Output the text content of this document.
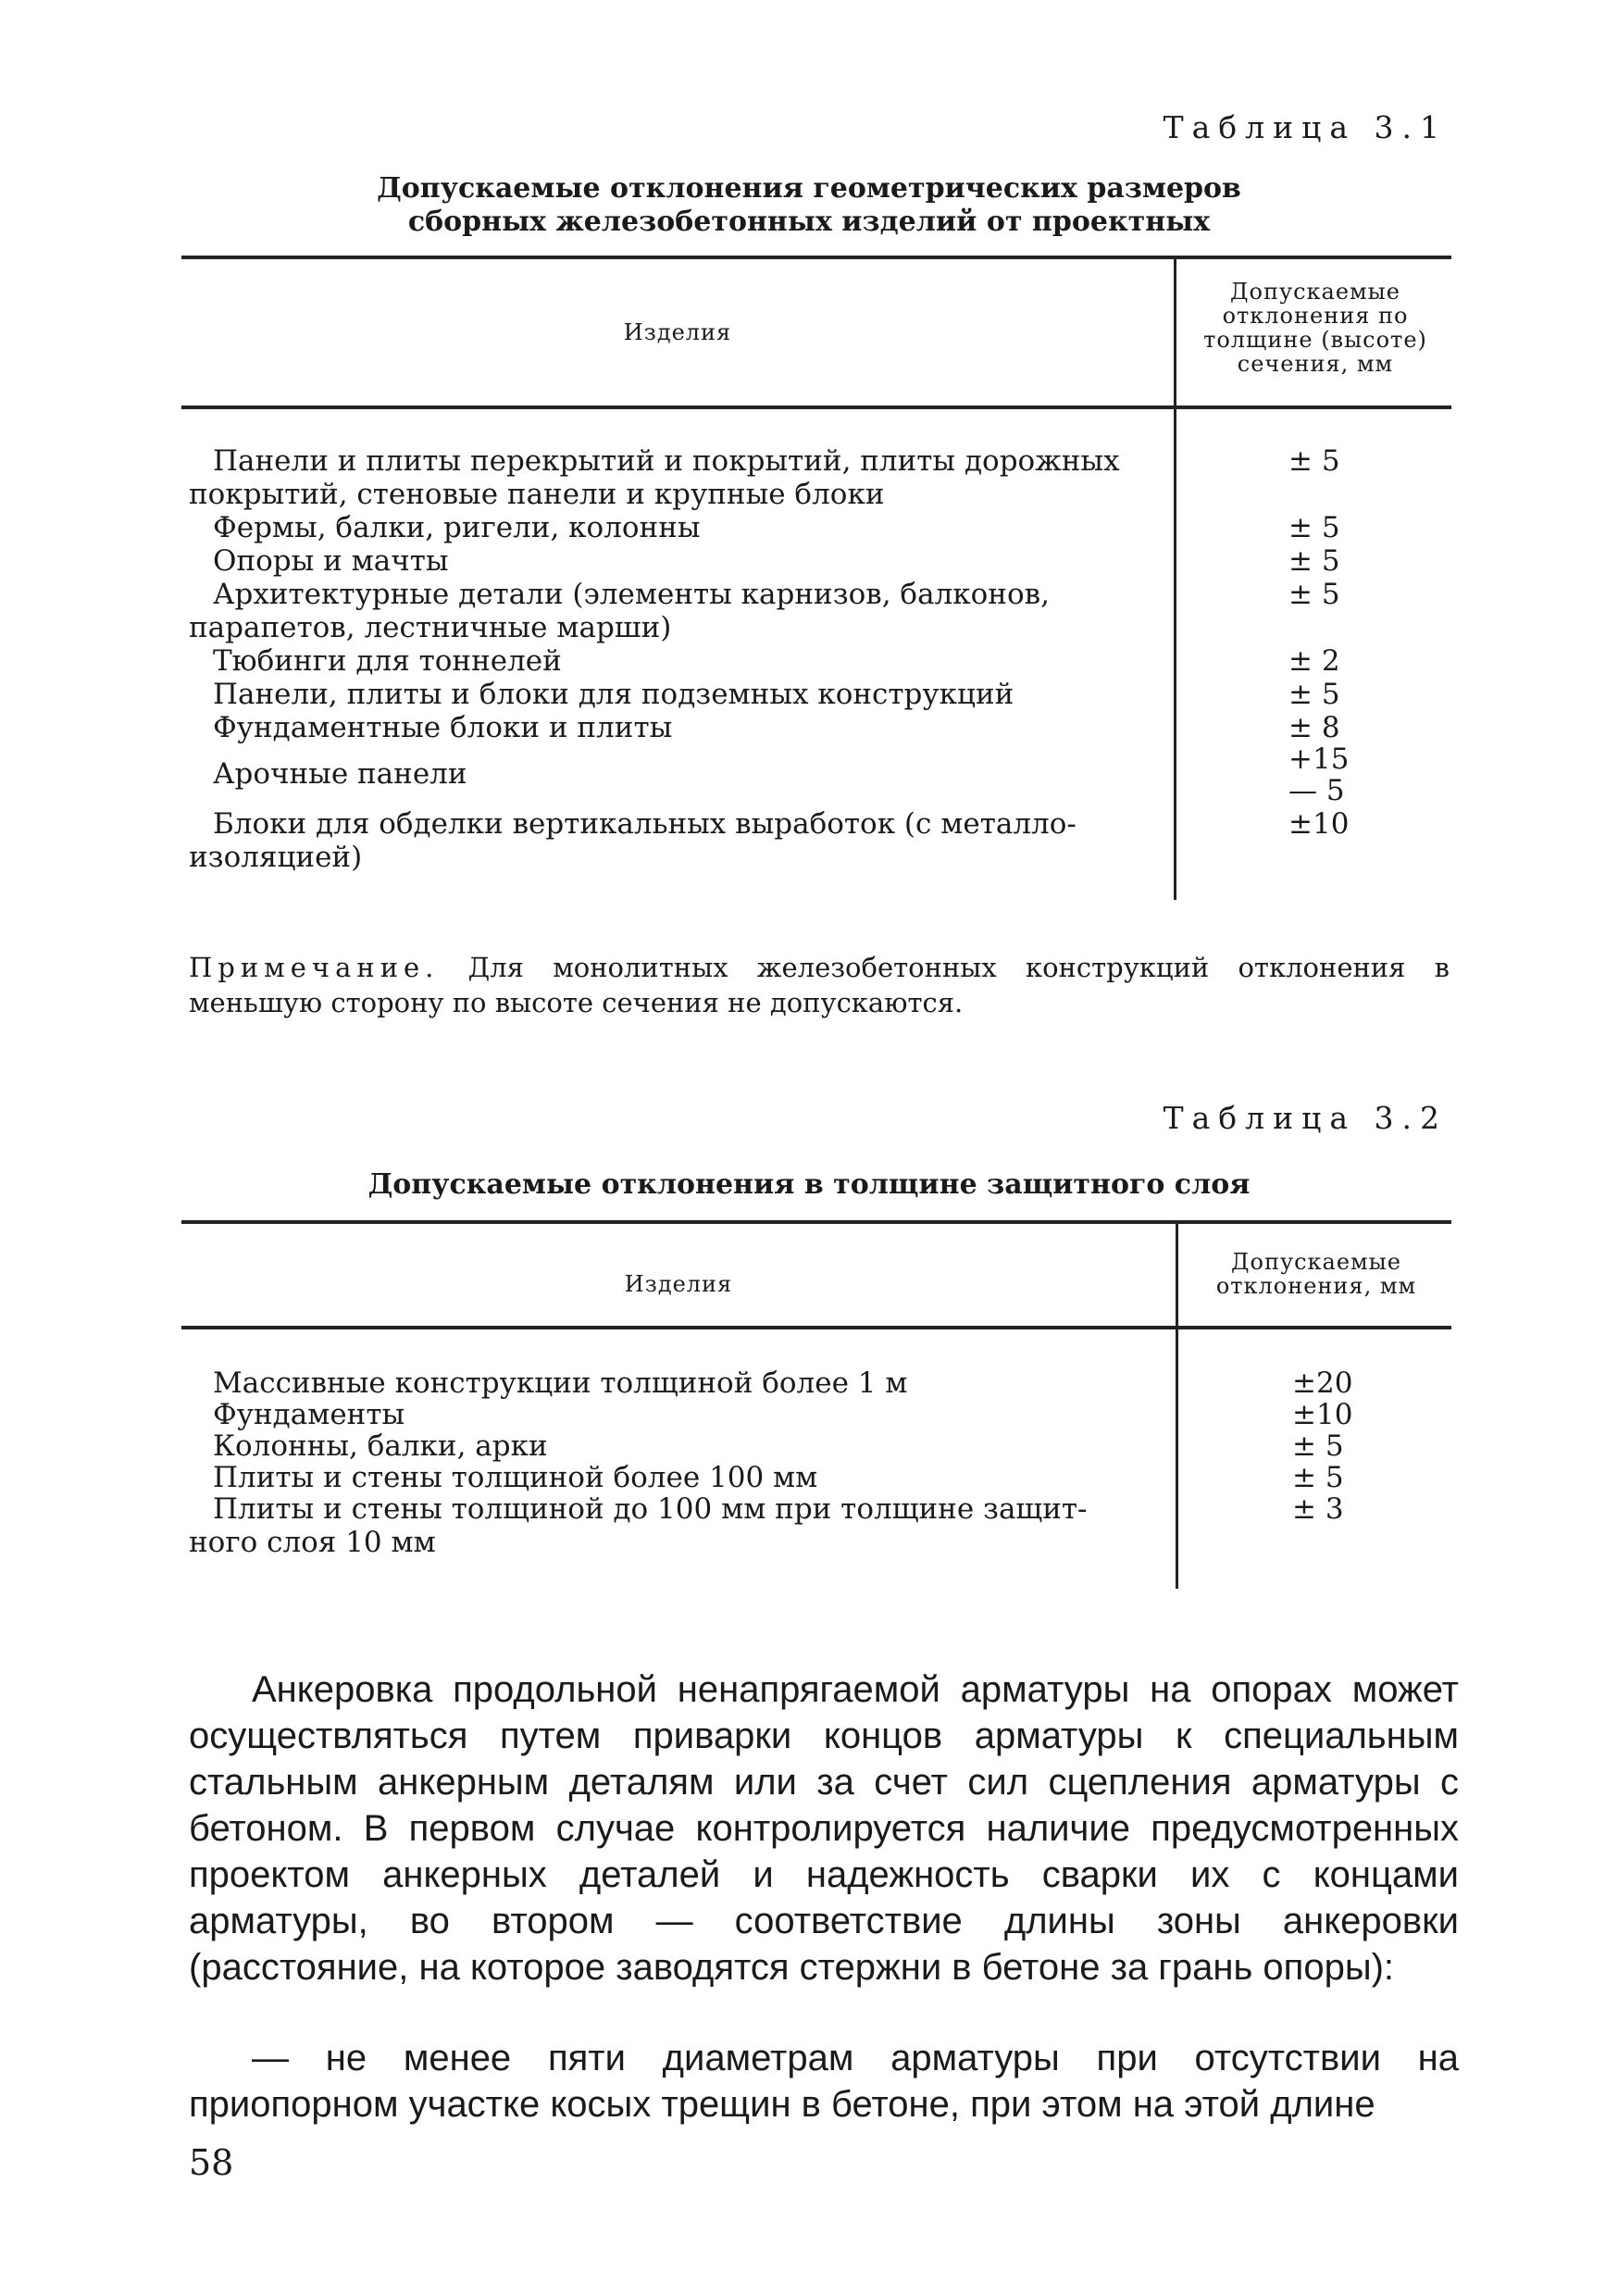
Таблица 3.1
Допускаемые отклонения геометрических размеров
сборных железобетонных изделий от проектных
Изделия
Допускаемые
отклонения по
толщине (высоте)
сечения, мм
Панели и плиты перекрытий и покрытий, плиты дорожных
покрытий, стеновые панели и крупные блоки
Фермы, балки, ригели, колонны
Опоры и мачты
Архитектурные детали (элементы карнизов, балконов,
парапетов, лестничные марши)
Тюбинги для тоннелей
Панели, плиты и блоки для подземных конструкций
Фундаментные блоки и плиты
Арочные панели
Блоки для обделки вертикальных выработок (с металло-
изоляцией)
± 5
± 5
± 5
± 5
± 2
± 5
± 8
+15
— 5
±10
Примечание. Для монолитных железобетонных конструкций отклонения в меньшую сторону по высоте сечения не допускаются.
Таблица 3.2
Допускаемые отклонения в толщине защитного слоя
Изделия
Допускаемые
отклонения, мм
Массивные конструкции толщиной более 1 м
Фундаменты
Колонны, балки, арки
Плиты и стены толщиной более 100 мм
Плиты и стены толщиной до 100 мм при толщине защит-
ного слоя 10 мм
±20
±10
± 5
± 5
± 3
Анкеровка продольной ненапрягаемой арматуры на опорах может осуществляться путем приварки концов арматуры к специальным стальным анкерным деталям или за счет сил сцепления арматуры с бетоном. В первом случае контролируется наличие предусмотренных проектом анкерных деталей и надежность сварки их с концами арматуры, во втором — соответствие длины зоны анкеровки (расстояние, на которое заводятся стержни в бетоне за грань опоры):
— не менее пяти диаметрам арматуры при отсутствии на приопорном участке косых трещин в бетоне, при этом на этой длине
58
